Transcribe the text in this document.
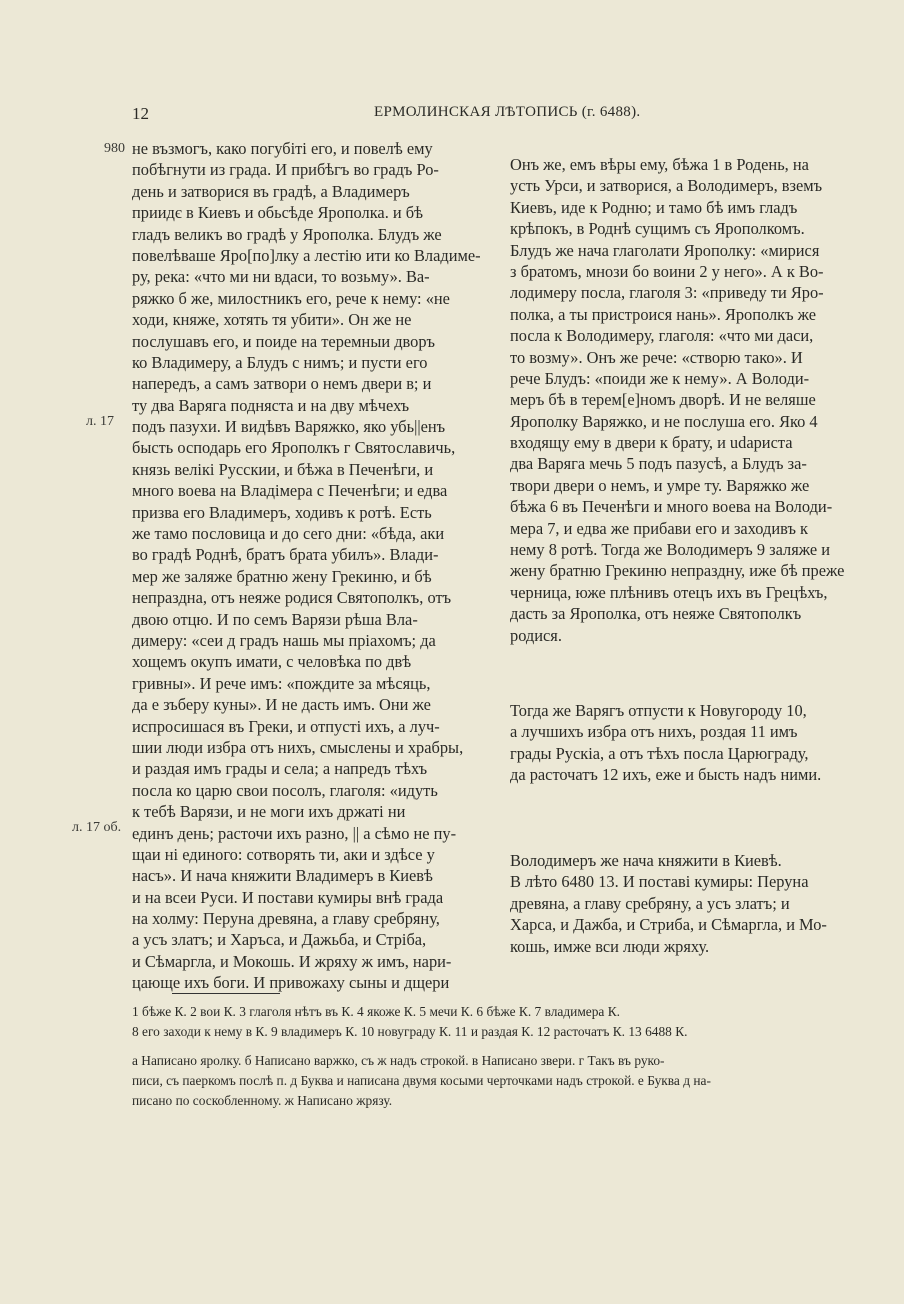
12	ЕРМОЛИНСКАЯ ЛѢТОПИСЬ (г. 6488).
980
л. 17
л. 17 об.
не възмогъ, како погубіті его, и повелѣ ему
побѣгнути из града. И прибѣгъ во градъ Ро-
день и затворися въ градѣ, а Владимеръ
приидє в Киевъ и обьсѣде Ярополка. и бѣ
гладъ великъ во градѣ у Ярополка. Блудъ же
повелѣваше Яро[по]лку а лестію ити ко Владиме-
ру, река: «что ми ни вдаси, то возьму». Ва-
ряжко б же, милостникъ его, рече к нему: «не
ходи, княже, хотять тя убити». Он же не
послушавъ его, и поиде на теремныи дворъ
ко Владимеру, а Блудъ с нимъ; и пусти его
напередъ, а самъ затвори о немъ двери в; и
ту два Варяга подняста и на дву мѣчехъ
подъ пазухи. И видѣвъ Варяжко, яко убь||енъ
бысть осподарь его Ярополкъ г Святославичь,
князь велікі Русскии, и бѣжа в Печенѣги, и
много воева на Владімера с Печенѣги; и едва
призва его Владимеръ, ходивъ к ротѣ. Есть
же тамо пословица и до сего дни: «бѣда, аки
во градѣ Роднѣ, братъ брата убилъ». Влади-
мер же заляже братню жену Грекиню, и бѣ
непраздна, отъ неяже родися Святополкъ, отъ
двою отцю. И по семъ Варязи рѣша Вла-
димеру: «сеи д градъ нашь мы пріахомъ; да
хощемъ окупъ имати, с человѣка по двѣ
гривны». И рече имъ: «пождите за мѣсяць,
да е зъберу куны». И не дасть имъ. Они же
испросишася въ Греки, и отпусті ихъ, а луч-
шии люди избра отъ нихъ, смыслены и храбры,
и раздая имъ грады и села; а напредъ тѣхъ
посла ко царю свои посолъ, глаголя: «идуть
к тебѣ Варязи, и не моги ихъ држаті ни
единъ день; расточи ихъ разно, || а сѣмо не пу-
щаи ні единого: сотворять ти, аки и здѣсе у
насъ». И нача княжити Владимеръ в Киевѣ
и на всеи Руси. И постави кумиры внѣ града
на холму: Перуна древяна, а главу сребряну,
а усъ златъ; и Харъса, и Дажьба, и Стріба,
и Сѣмаргла, и Мокошь. И жряху ж имъ, нари-
цающе ихъ боги. И привожаху сыны и дщери
Онъ же, емъ вѣры ему, бѣжа 1 в Родень, на
усть Урси, и затворися, а Володимеръ, вземъ
Киевъ, иде к Родню; и тамо бѣ имъ гладъ
крѣпокъ, в Роднѣ сущимъ съ Ярополкомъ.
Блудъ же нача глаголати Ярополку: «мирися
з братомъ, мнози бо воини 2 у него». А к Во-
лодимеру посла, глаголя 3: «приведу ти Яро-
полка, а ты пристроися нань». Ярополкъ же
посла к Володимеру, глаголя: «что ми даси,
то возму». Онъ же рече: «створю тако». И
рече Блудъ: «поиди же к нему». А Володи-
меръ бѣ в терем[е]номъ дворѣ. И не веляше
Ярополку Варяжко, и не послуша его. Яко 4
входящу ему в двери к брату, и udариста
два Варяга мечь 5 подъ пазусѣ, а Блудъ за-
твори двери о немъ, и умре ту. Варяжко же
бѣжа 6 въ Печенѣги и много воева на Володи-
мера 7, и едва же прибави его и заходивъ к
нему 8 ротѣ. Тогда же Володимеръ 9 заляже и
жену братню Грекиню непраздну, иже бѣ преже
черница, юже плѣнивъ отецъ ихъ въ Грецѣхъ,
дасть за Ярополка, отъ неяже Святополкъ
родися.
Тогда же Варягъ отпусти к Новугороду 10,
а лучшихъ избра отъ нихъ, роздая 11 имъ
грады Рускіа, а отъ тѣхъ посла Царюграду,
да расточатъ 12 ихъ, еже и бысть надъ ними.
Володимеръ же нача княжити в Киевѣ.
В лѣто 6480 13. И поставі кумиры: Перуна
древяна, а главу сребряну, а усъ златъ; и
Харса, и Дажба, и Стриба, и Сѣмаргла, и Мо-
кошь, имже вси люди жряху.
1 бѣже К. 2 вои К. 3 глаголя нѣтъ въ К. 4 якоже К. 5 мечи К. 6 бѣже К. 7 владимера К.
8 его заходи к нему в К. 9 владимеръ К. 10 новуграду К. 11 и раздая К. 12 расточатъ К. 13 6488 К.
а Написано яролку. б Написано варжко, съ ж надъ строкой. в Написано звери. г Такъ въ руко-
писи, съ паеркомъ послѣ п. д Буква и написана двумя косыми черточками надъ строкой. е Буква д на-
писано по соскобленному. ж Написано жрязу.
